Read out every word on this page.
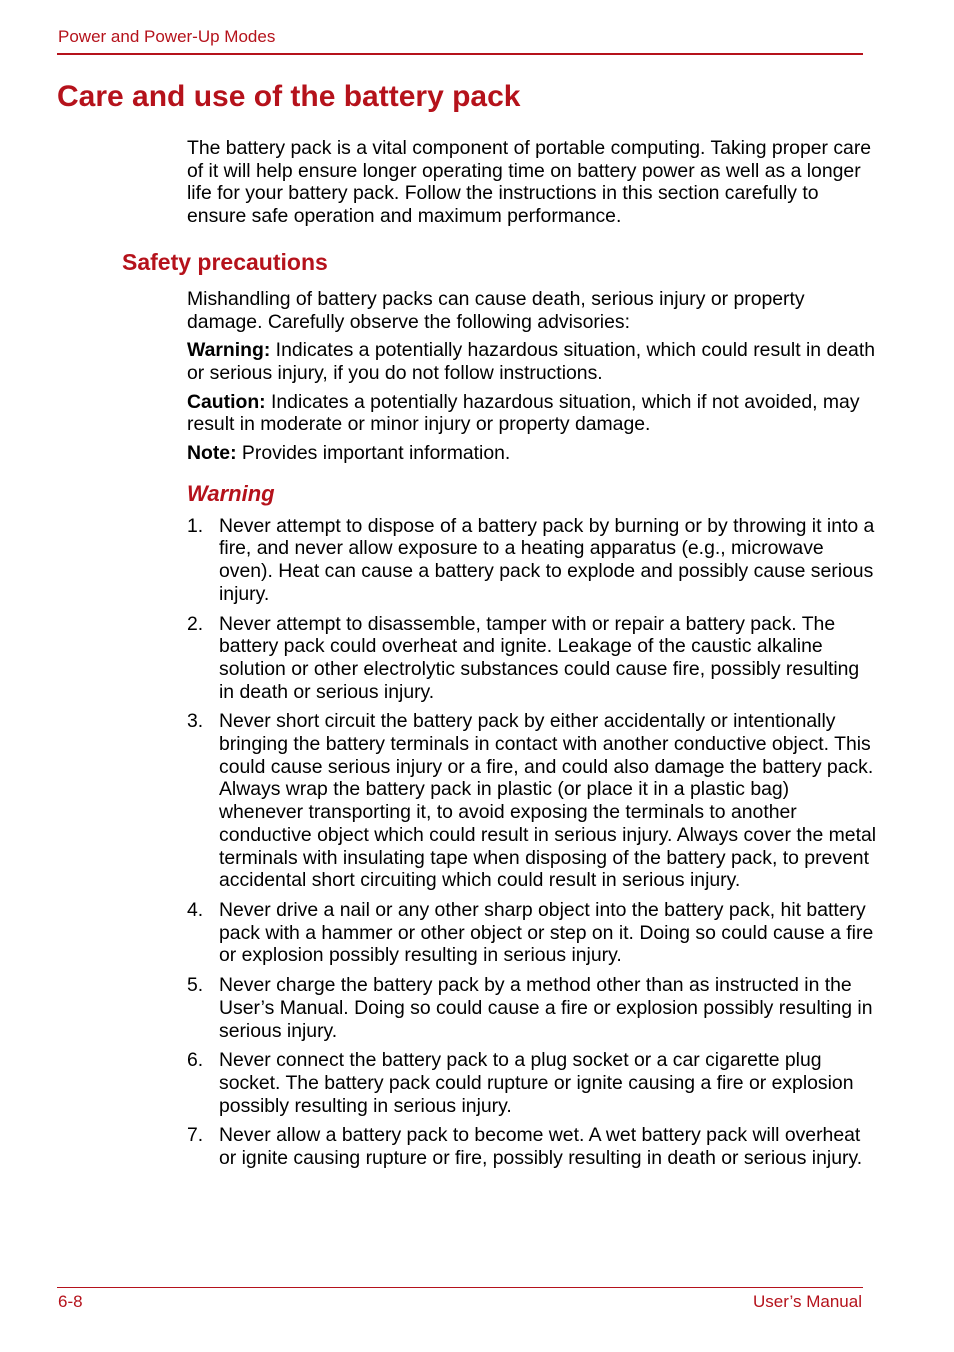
Power and Power-Up Modes
Care and use of the battery pack

The battery pack is a vital component of portable computing. Taking proper care of it will help ensure longer operating time on battery power as well as a longer life for your battery pack. Follow the instructions in this section carefully to ensure safe operation and maximum performance.

Safety precautions

Mishandling of battery packs can cause death, serious injury or property damage. Carefully observe the following advisories:

Warning: Indicates a potentially hazardous situation, which could result in death or serious injury, if you do not follow instructions.

Caution: Indicates a potentially hazardous situation, which if not avoided, may result in moderate or minor injury or property damage.

Note: Provides important information.

Warning
1. Never attempt to dispose of a battery pack by burning or by throwing it into a fire, and never allow exposure to a heating apparatus (e.g., microwave oven). Heat can cause a battery pack to explode and possibly cause serious injury.
2. Never attempt to disassemble, tamper with or repair a battery pack. The battery pack could overheat and ignite. Leakage of the caustic alkaline solution or other electrolytic substances could cause fire, possibly resulting in death or serious injury.
3. Never short circuit the battery pack by either accidentally or intentionally bringing the battery terminals in contact with another conductive object. This could cause serious injury or a fire, and could also damage the battery pack. Always wrap the battery pack in plastic (or place it in a plastic bag) whenever transporting it, to avoid exposing the terminals to another conductive object which could result in serious injury. Always cover the metal terminals with insulating tape when disposing of the battery pack, to prevent accidental short circuiting which could result in serious injury.
4. Never drive a nail or any other sharp object into the battery pack, hit battery pack with a hammer or other object or step on it. Doing so could cause a fire or explosion possibly resulting in serious injury.
5. Never charge the battery pack by a method other than as instructed in the User’s Manual. Doing so could cause a fire or explosion possibly resulting in serious injury.
6. Never connect the battery pack to a plug socket or a car cigarette plug socket. The battery pack could rupture or ignite causing a fire or explosion possibly resulting in serious injury.
7. Never allow a battery pack to become wet. A wet battery pack will overheat or ignite causing rupture or fire, possibly resulting in death or serious injury.
6-8	User’s Manual
